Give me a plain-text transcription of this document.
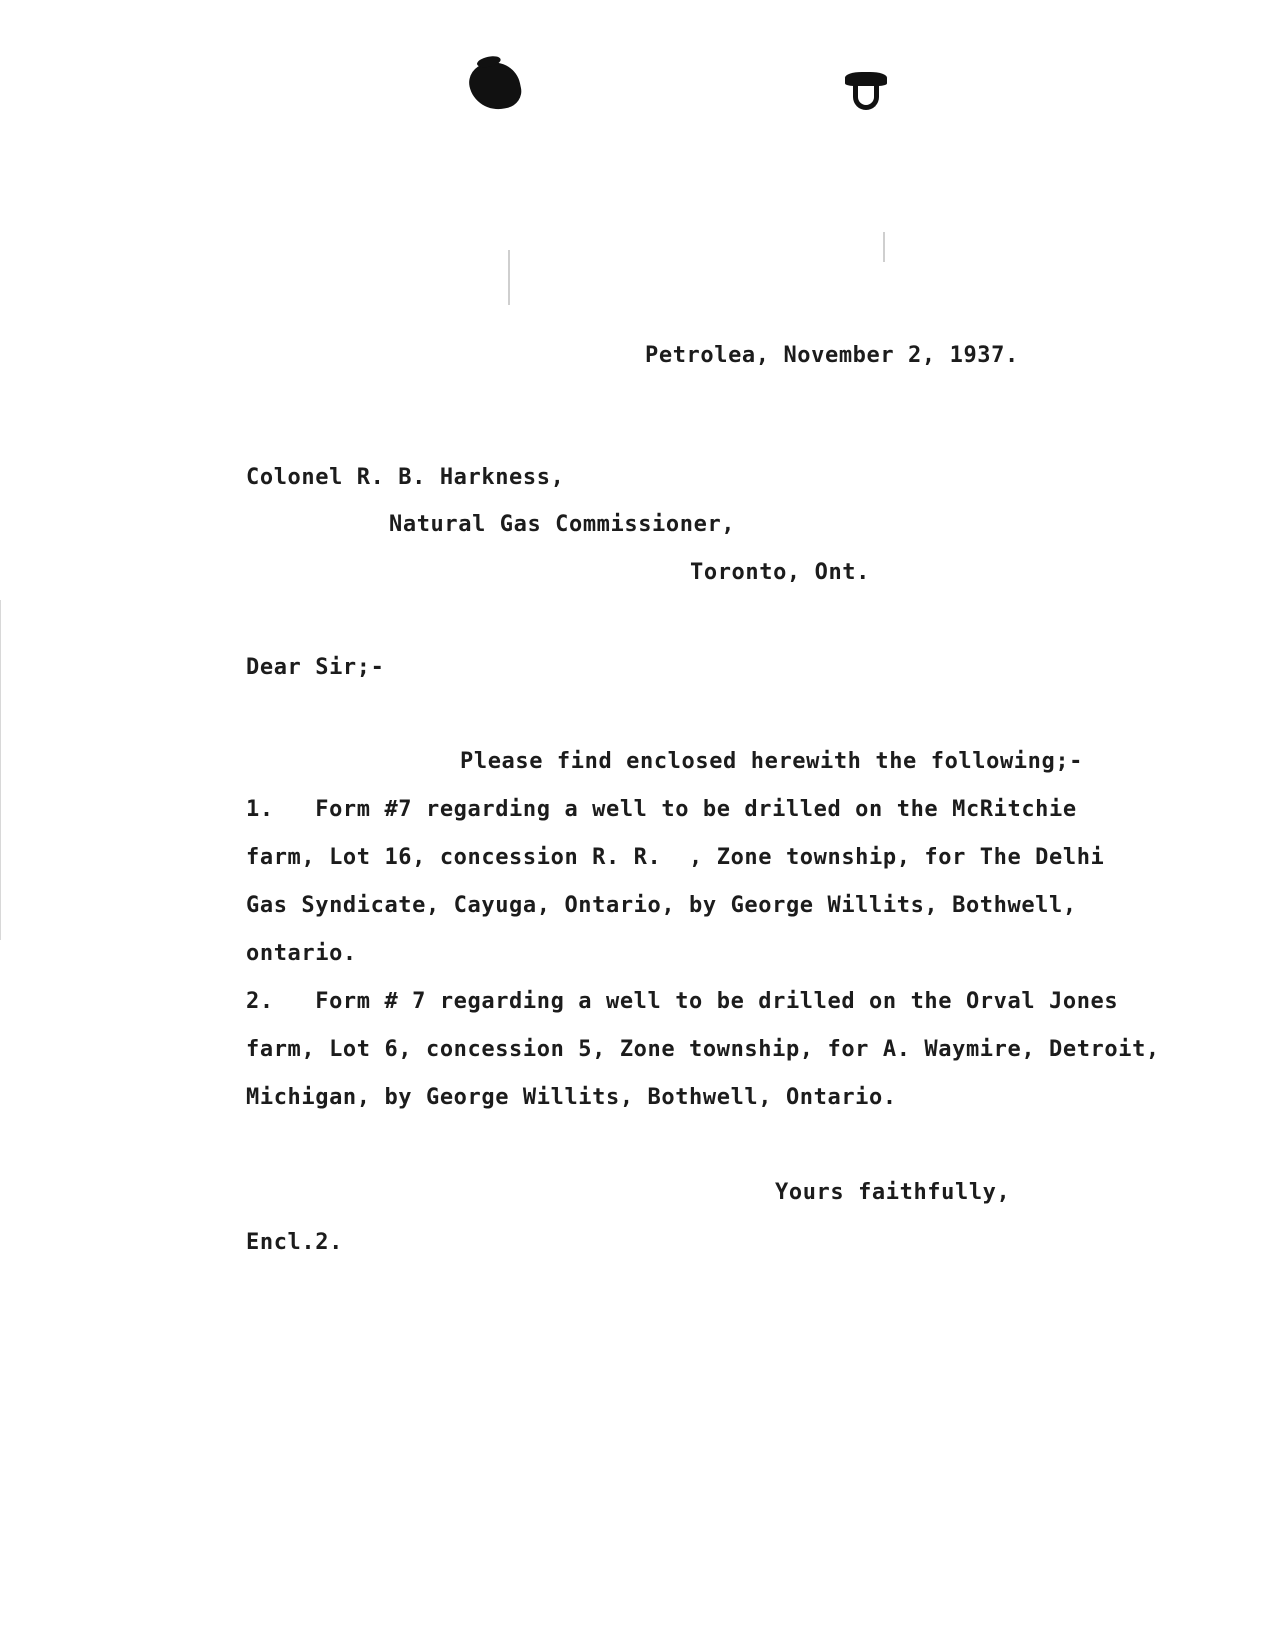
Petrolea, November 2, 1937.
Colonel R. B. Harkness,
Natural Gas Commissioner,
Toronto, Ont.
Dear Sir;-
Please find enclosed herewith the following;-
1.   Form #7 regarding a well to be drilled on the McRitchie
farm, Lot 16, concession R. R.  , Zone township, for The Delhi
Gas Syndicate, Cayuga, Ontario, by George Willits, Bothwell,
ontario.
2.   Form # 7 regarding a well to be drilled on the Orval Jones
farm, Lot 6, concession 5, Zone township, for A. Waymire, Detroit,
Michigan, by George Willits, Bothwell, Ontario.
Yours faithfully,
Encl.2.
